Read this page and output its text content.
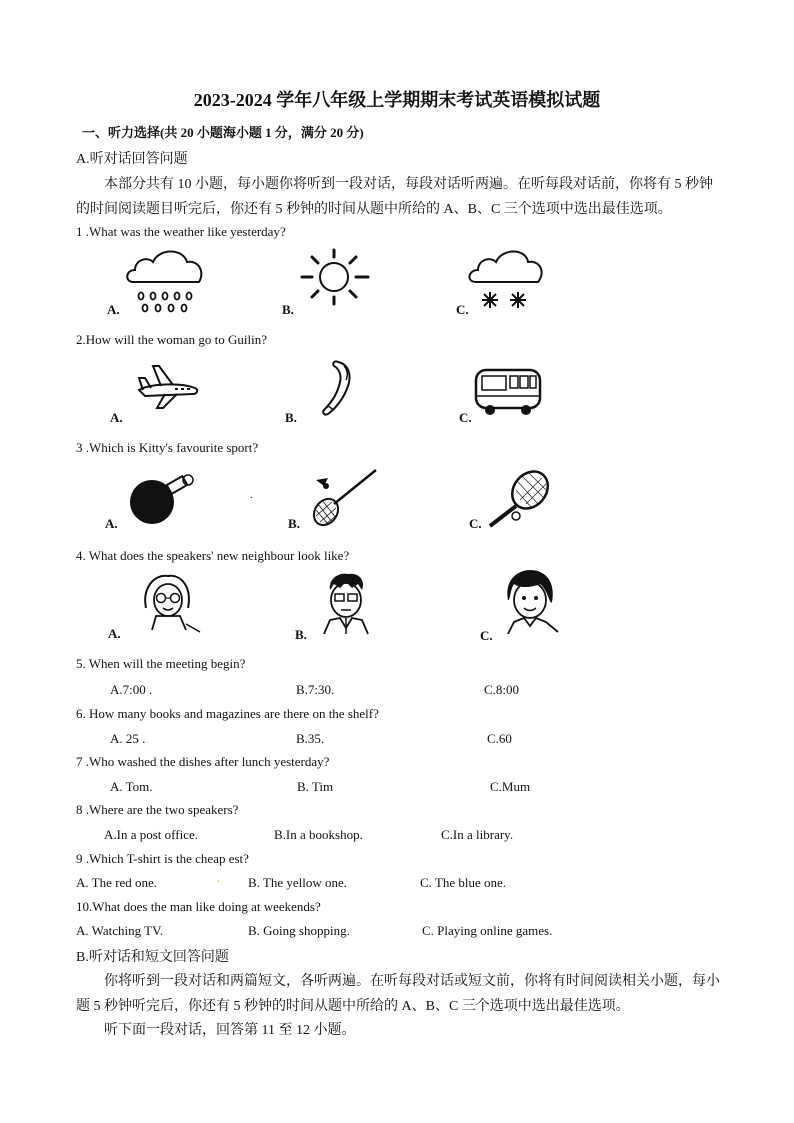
2023-2024 学年八年级上学期期末考试英语模拟试题
一、听力选择(共 20 小题海小题 1 分，满分 20 分)
A.听对话回答问题
本部分共有 10 小题，每小题你将听到一段对话，每段对话听两遍。在听每段对话前，你将有 5 秒钟
的时间阅读题目听完后，你还有 5 秒钟的时间从题中所给的 A、B、C 三个选项中选出最佳选项。
1 .What was the weather like yesterday?
A.	B.	C.
2.How will the woman go to Guilin?
A.	B.	C.
3 .Which is Kitty's favourite sport?
A.	B.	C.
.
4. What does the speakers' new neighbour look like?
A.	B.	C.
5. When will the meeting begin?
A.7:00 .	B.7:30.	C.8:00
6. How many books and magazines are there on the shelf?
A. 25 .	B.35.	C.60
7 .Who washed the dishes after lunch yesterday?
A. Tom.	B. Tim	C.Mum
8 .Where are the two speakers?
A.In a post office.	B.In a bookshop.	C.In a library.
9 .Which T-shirt is the cheap est?
A. The red one.	. B. The yellow one.	C. The blue one.
10.What does the man like doing at weekends?
A. Watching TV.	B. Going shopping.	C. Playing online games.
B.听对话和短文回答问题
你将听到一段对话和两篇短文，各听两遍。在听每段对话或短文前，你将有时间阅读相关小题，每小
题 5 秒钟听完后，你还有 5 秒钟的时间从题中所给的 A、B、C 三个选项中选出最佳选项。
听下面一段对话，回答第 11 至 12 小题。
